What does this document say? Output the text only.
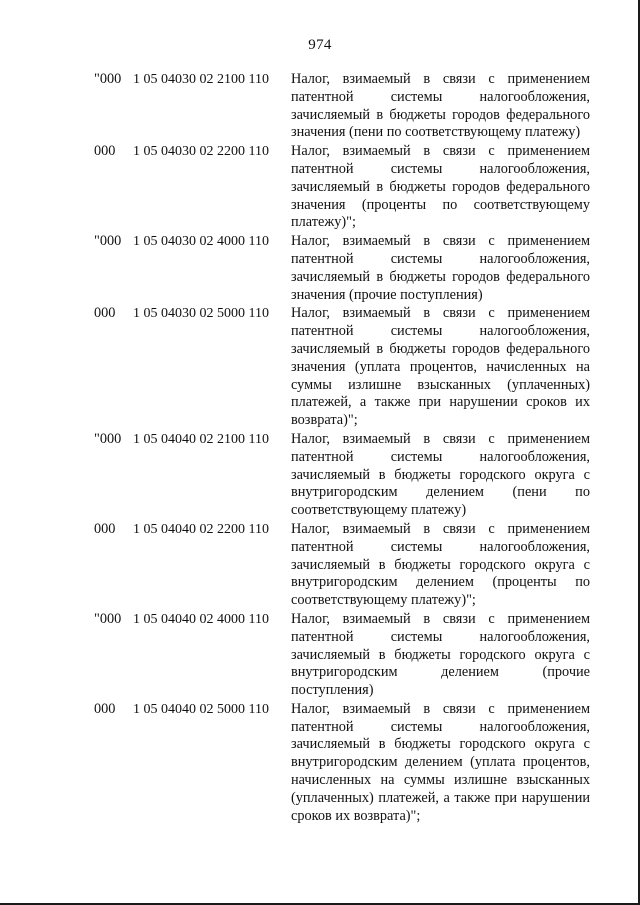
974
"000 1 05 04030 02 2100 110 Налог, взимаемый в связи с применением патентной системы налогообложения, зачисляемый в бюджеты городов федерального значения (пени по соответствующему платежу)
000 1 05 04030 02 2200 110 Налог, взимаемый в связи с применением патентной системы налогообложения, зачисляемый в бюджеты городов федерального значения (проценты по соответствующему платежу)";
"000 1 05 04030 02 4000 110 Налог, взимаемый в связи с применением патентной системы налогообложения, зачисляемый в бюджеты городов федерального значения (прочие поступления)
000 1 05 04030 02 5000 110 Налог, взимаемый в связи с применением патентной системы налогообложения, зачисляемый в бюджеты городов федерального значения (уплата процентов, начисленных на суммы излишне взысканных (уплаченных) платежей, а также при нарушении сроков их возврата)";
"000 1 05 04040 02 2100 110 Налог, взимаемый в связи с применением патентной системы налогообложения, зачисляемый в бюджеты городского округа с внутригородским делением (пени по соответствующему платежу)
000 1 05 04040 02 2200 110 Налог, взимаемый в связи с применением патентной системы налогообложения, зачисляемый в бюджеты городского округа с внутригородским делением (проценты по соответствующему платежу)";
"000 1 05 04040 02 4000 110 Налог, взимаемый в связи с применением патентной системы налогообложения, зачисляемый в бюджеты городского округа с внутригородским делением (прочие поступления)
000 1 05 04040 02 5000 110 Налог, взимаемый в связи с применением патентной системы налогообложения, зачисляемый в бюджеты городского округа с внутригородским делением (уплата процентов, начисленных на суммы излишне взысканных (уплаченных) платежей, а также при нарушении сроков их возврата)";
